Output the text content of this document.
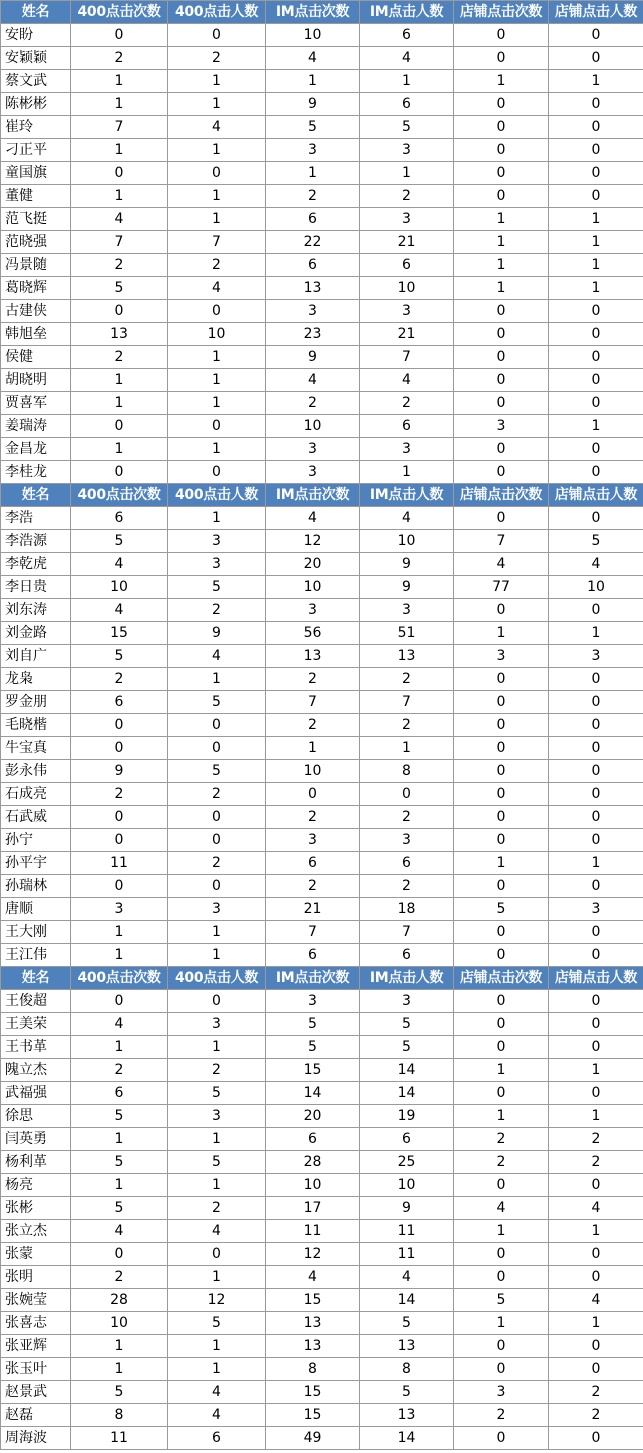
姓名	400点击次数	400点击人数	IM点击次数	IM点击人数	店铺点击次数	店铺点击人数
安盼	0	0	10	6	0	0
安颖颖	2	2	4	4	0	0
蔡文武	1	1	1	1	1	1
陈彬彬	1	1	9	6	0	0
崔玲	7	4	5	5	0	0
刁正平	1	1	3	3	0	0
童国旗	0	0	1	1	0	0
董健	1	1	2	2	0	0
范飞挺	4	1	6	3	1	1
范晓强	7	7	22	21	1	1
冯景随	2	2	6	6	1	1
葛晓辉	5	4	13	10	1	1
古建侠	0	0	3	3	0	0
韩旭垒	13	10	23	21	0	0
侯健	2	1	9	7	0	0
胡晓明	1	1	4	4	0	0
贾喜军	1	1	2	2	0	0
姜瑞涛	0	0	10	6	3	1
金昌龙	1	1	3	3	0	0
李桂龙	0	0	3	1	0	0
姓名	400点击次数	400点击人数	IM点击次数	IM点击人数	店铺点击次数	店铺点击人数
李浩	6	1	4	4	0	0
李浩源	5	3	12	10	7	5
李乾虎	4	3	20	9	4	4
李日贵	10	5	10	9	77	10
刘东涛	4	2	3	3	0	0
刘金路	15	9	56	51	1	1
刘自广	5	4	13	13	3	3
龙枭	2	1	2	2	0	0
罗金朋	6	5	7	7	0	0
毛晓楷	0	0	2	2	0	0
牛宝真	0	0	1	1	0	0
彭永伟	9	5	10	8	0	0
石成亮	2	2	0	0	0	0
石武威	0	0	2	2	0	0
孙宁	0	0	3	3	0	0
孙平宇	11	2	6	6	1	1
孙瑞林	0	0	2	2	0	0
唐顺	3	3	21	18	5	3
王大刚	1	1	7	7	0	0
王江伟	1	1	6	6	0	0
姓名	400点击次数	400点击人数	IM点击次数	IM点击人数	店铺点击次数	店铺点击人数
王俊超	0	0	3	3	0	0
王美荣	4	3	5	5	0	0
王书革	1	1	5	5	0	0
隗立杰	2	2	15	14	1	1
武福强	6	5	14	14	0	0
徐思	5	3	20	19	1	1
闫英勇	1	1	6	6	2	2
杨利革	5	5	28	25	2	2
杨亮	1	1	10	10	0	0
张彬	5	2	17	9	4	4
张立杰	4	4	11	11	1	1
张蒙	0	0	12	11	0	0
张明	2	1	4	4	0	0
张婉莹	28	12	15	14	5	4
张喜志	10	5	13	5	1	1
张亚辉	1	1	13	13	0	0
张玉叶	1	1	8	8	0	0
赵景武	5	4	15	5	3	2
赵磊	8	4	15	13	2	2
周海波	11	6	49	14	0	0
